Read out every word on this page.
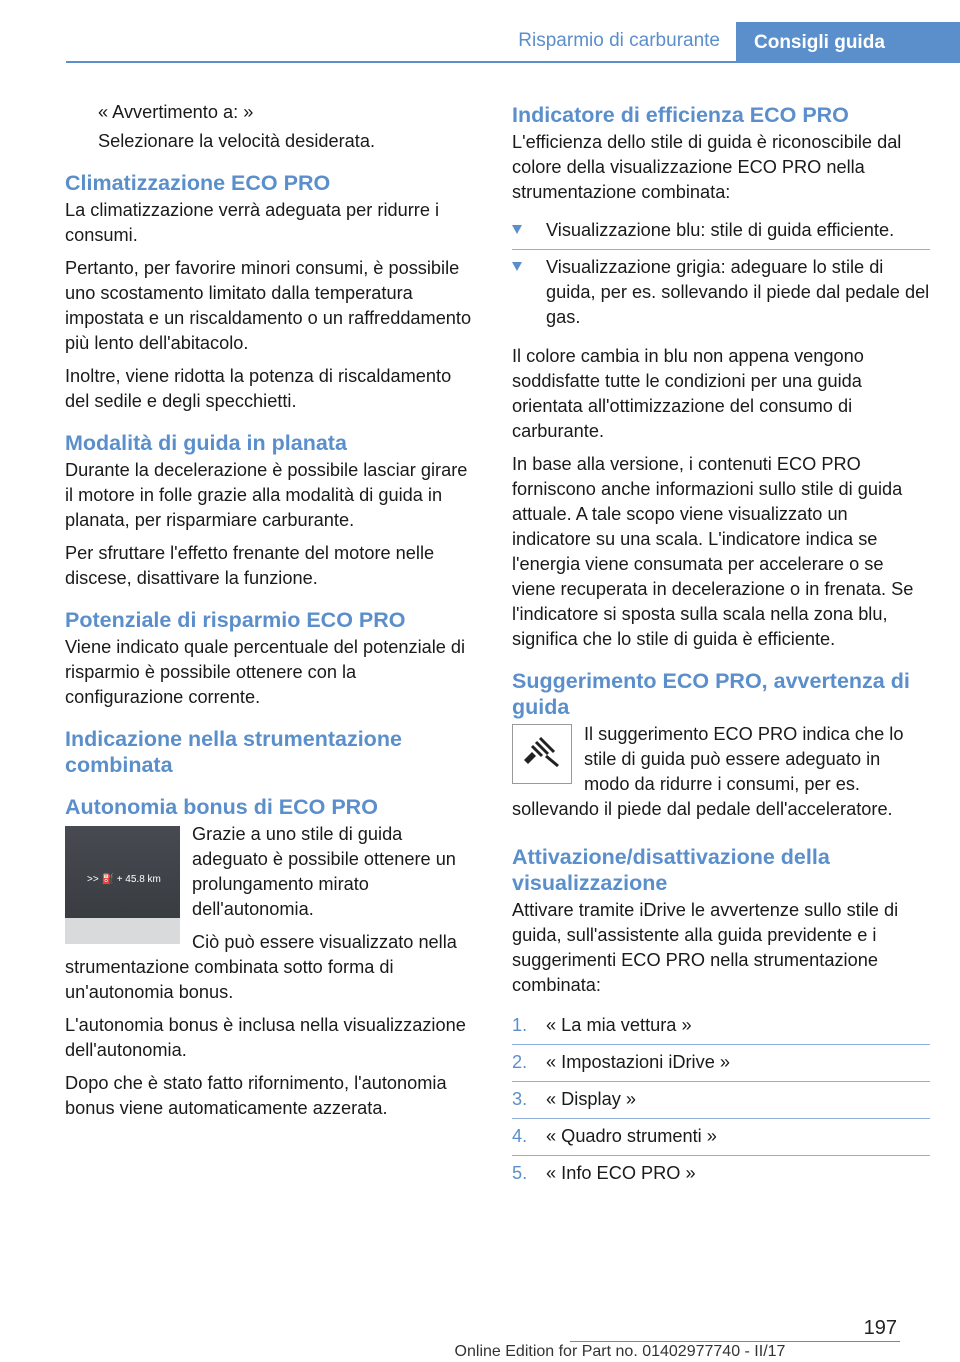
Risparmio di carburante	Consigli guida

« Avvertimento a: »

Selezionare la velocità desiderata.

Climatizzazione ECO PRO

La climatizzazione verrà adeguata per ridurre i consumi.

Pertanto, per favorire minori consumi, è possibile uno scostamento limitato dalla temperatura impostata e un riscaldamento o un raffreddamento più lento dell'abitacolo.

Inoltre, viene ridotta la potenza di riscaldamento del sedile e degli specchietti.

Modalità di guida in planata

Durante la decelerazione è possibile lasciar girare il motore in folle grazie alla modalità di guida in planata, per risparmiare carburante.

Per sfruttare l'effetto frenante del motore nelle discese, disattivare la funzione.

Potenziale di risparmio ECO PRO

Viene indicato quale percentuale del potenziale di risparmio è possibile ottenere con la configurazione corrente.

Indicazione nella strumentazione combinata
Autonomia bonus di ECO PRO
>> ⛽ + 45.8 km

Grazie a uno stile di guida adeguato è possibile ottenere un prolungamento mirato dell'autonomia.

Ciò può essere visualizzato nella strumentazione combinata sotto forma di un'autonomia bonus.

L'autonomia bonus è inclusa nella visualizzazione dell'autonomia.

Dopo che è stato fatto rifornimento, l'autonomia bonus viene automaticamente azzerata.

Indicatore di efficienza ECO PRO

L'efficienza dello stile di guida è riconoscibile dal colore della visualizzazione ECO PRO nella strumentazione combinata:

Visualizzazione blu: stile di guida efficiente.
Visualizzazione grigia: adeguare lo stile di guida, per es. sollevando il piede dal pedale del gas.

Il colore cambia in blu non appena vengono soddisfatte tutte le condizioni per una guida orientata all'ottimizzazione del consumo di carburante.

In base alla versione, i contenuti ECO PRO forniscono anche informazioni sullo stile di guida attuale. A tale scopo viene visualizzato un indicatore su una scala. L'indicatore indica se l'energia viene consumata per accelerare o se viene recuperata in decelerazione o in frenata. Se l'indicatore si sposta sulla scala nella zona blu, significa che lo stile di guida è efficiente.

Suggerimento ECO PRO, avvertenza di guida

Il suggerimento ECO PRO indica che lo stile di guida può essere adeguato in modo da ridurre i consumi, per es. sollevando il piede dal pedale dell'acceleratore.

Attivazione/disattivazione della visualizzazione

Attivare tramite iDrive le avvertenze sullo stile di guida, sull'assistente alla guida previdente e i suggerimenti ECO PRO nella strumentazione combinata:

1. « La mia vettura »
2. « Impostazioni iDrive »
3. « Display »
4. « Quadro strumenti »
5. « Info ECO PRO »
197
Online Edition for Part no. 01402977740 - II/17
